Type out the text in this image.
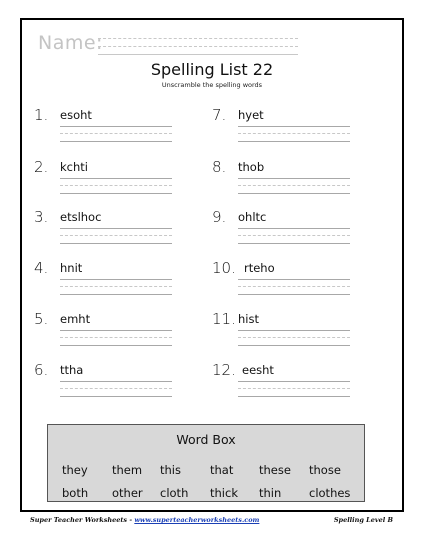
Name:
Spelling List 22
Unscramble the spelling words
1. esoht
2. kchti
3. etslhoc
4. hnit
5. emht
6. ttha
7. hyet
8. thob
9. ohltc
10. rteho
11. hist
12. eesht
Word Box
they them this	that these those
both other cloth thick thin clothes
Super Teacher Worksheets - www.superteacherworksheets.com	Spelling Level B
